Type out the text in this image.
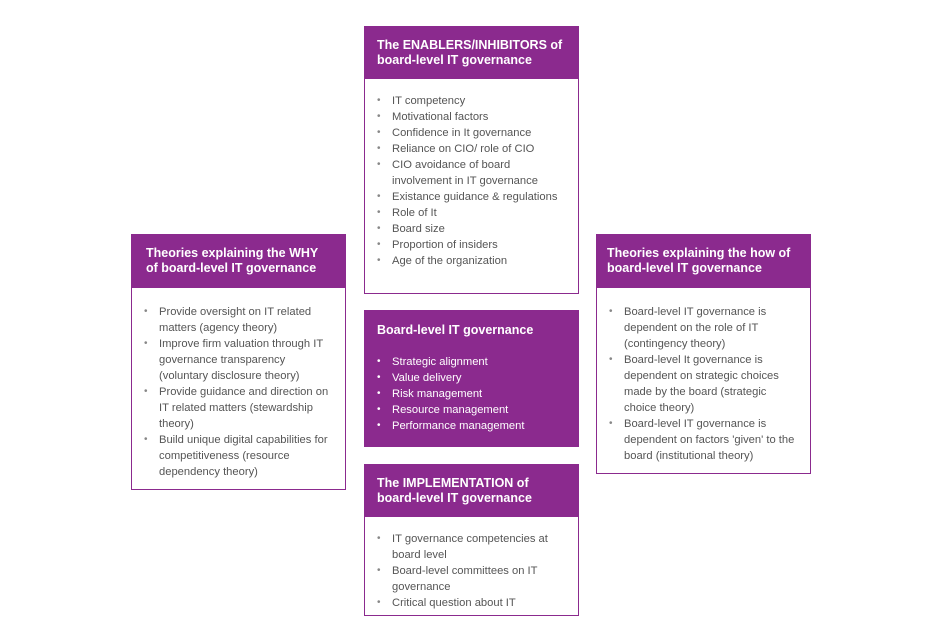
The ENABLERS/INHIBITORS of
board-level IT governance
• IT competency
• Motivational factors
• Confidence in It governance
• Reliance on CIO/ role of CIO
• CIO avoidance of board involvement in IT governance
• Existance guidance & regulations
• Role of It
• Board size
• Proportion of insiders
• Age of the organization
Theories explaining the WHY
of board-level IT governance
• Provide oversight on IT related matters (agency theory)
• Improve firm valuation through IT governance transparency (voluntary disclosure theory)
• Provide guidance and direction on IT related matters (stewardship theory)
• Build unique digital capabilities for competitiveness (resource dependency theory)
Board-level IT governance
• Strategic alignment
• Value delivery
• Risk management
• Resource management
• Performance management
Theories explaining the how of
board-level IT governance
• Board-level IT governance is dependent on the role of IT (contingency theory)
• Board-level It governance is dependent on strategic choices made by the board (strategic choice theory)
• Board-level IT governance is dependent on factors 'given' to the board (institutional theory)
The IMPLEMENTATION of
board-level IT governance
• IT governance competencies at board level
• Board-level committees on IT governance
• Critical question about IT
